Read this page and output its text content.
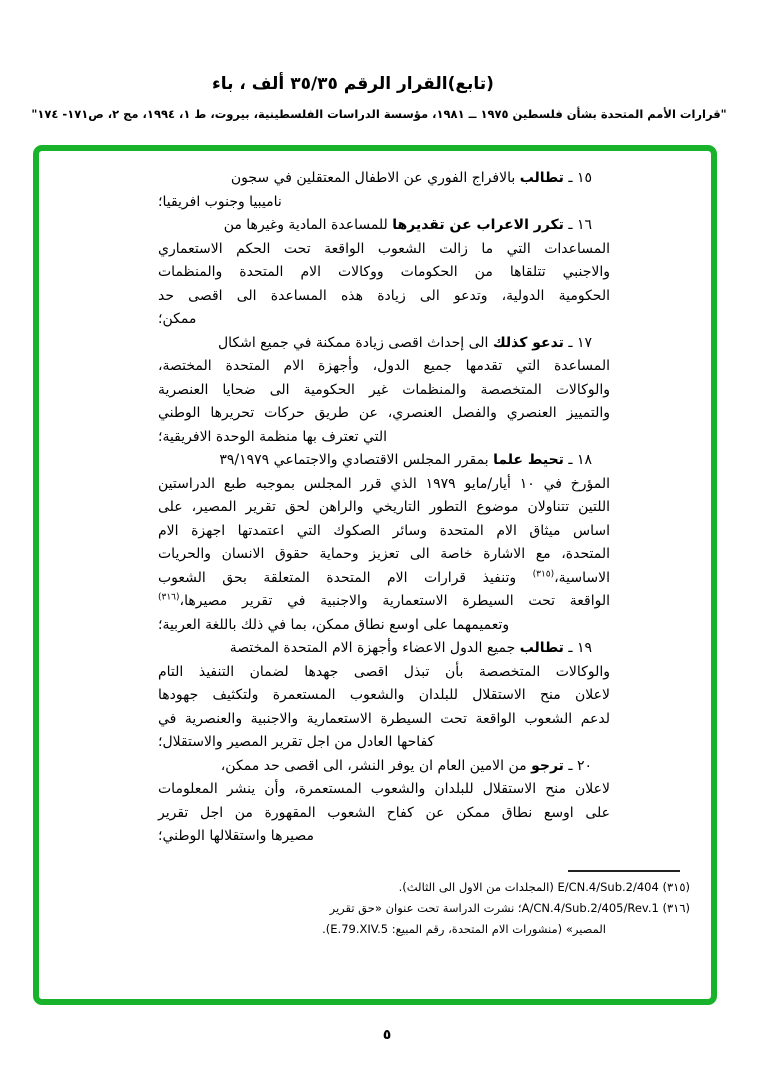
(تابع)القرار الرقم ٣٥/٣٥ ألف ، باء
"قرارات الأمم المتحدة بشأن فلسطين ١٩٧٥ ــ ١٩٨١، مؤسسة الدراسات الفلسطينية، بيروت، ط ١، ١٩٩٤، مج ٢، ص١٧١- ١٧٤"
١٥ ـ تطالب بالافراج الفوري عن الاطفال المعتقلين في سجون
ناميبيا وجنوب افريقيا؛
١٦ ـ تكرر الاعراب عن تقديرها للمساعدة المادية وغيرها من
المساعدات التي ما زالت الشعوب الواقعة تحت الحكم الاستعماري
والاجنبي تتلقاها من الحكومات ووكالات الام المتحدة والمنظمات
الحكومية الدولية، وتدعو الى زيادة هذه المساعدة الى اقصى حد
ممكن؛
١٧ ـ تدعو كذلك الى إحداث اقصى زيادة ممكنة في جميع اشكال
المساعدة التي تقدمها جميع الدول، وأجهزة الام المتحدة المختصة،
والوكالات المتخصصة والمنظمات غير الحكومية الى ضحايا العنصرية
والتمييز العنصري والفصل العنصري، عن طريق حركات تحريرها الوطني
التي تعترف بها منظمة الوحدة الافريقية؛
١٨ ـ تحيط علما بمقرر المجلس الاقتصادي والاجتماعي ٣٩/١٩٧٩
المؤرخ في ١٠ أيار/مايو ١٩٧٩ الذي قرر المجلس بموجبه طبع الدراستين
اللتين تتناولان موضوع التطور التاريخي والراهن لحق تقرير المصير، على
اساس ميثاق الام المتحدة وسائر الصكوك التي اعتمدتها اجهزة الام
المتحدة، مع الاشارة خاصة الى تعزيز وحماية حقوق الانسان والحريات
الاساسية،$^{(٣١٥)}$ وتنفيذ قرارات الام المتحدة المتعلقة بحق الشعوب
الواقعة تحت السيطرة الاستعمارية والاجنبية في تقرير مصيرها،$^{(٣١٦)}$
وتعميمهما على اوسع نطاق ممكن، بما في ذلك باللغة العربية؛
١٩ ـ تطالب جميع الدول الاعضاء وأجهزة الام المتحدة المختصة
والوكالات المتخصصة بأن تبذل اقصى جهدها لضمان التنفيذ التام
لاعلان منح الاستقلال للبلدان والشعوب المستعمرة ولتكثيف جهودها
لدعم الشعوب الواقعة تحت السيطرة الاستعمارية والاجنبية والعنصرية في
كفاحها العادل من اجل تقرير المصير والاستقلال؛
٢٠ ـ ترجو من الامين العام ان يوفر النشر، الى اقصى حد ممكن،
لاعلان منح الاستقلال للبلدان والشعوب المستعمرة، وأن ينشر المعلومات
على اوسع نطاق ممكن عن كفاح الشعوب المقهورة من اجل تقرير
مصيرها واستقلالها الوطني؛
(٣١٥) E/CN.4/Sub.2/404 (المجلدات من الاول الى الثالث).
(٣١٦) A/CN.4/Sub.2/405/Rev.1؛ نشرت الدراسة تحت عنوان «حق تقرير
المصير» (منشورات الام المتحدة، رقم المبيع: E.79.XIV.5).
٥
